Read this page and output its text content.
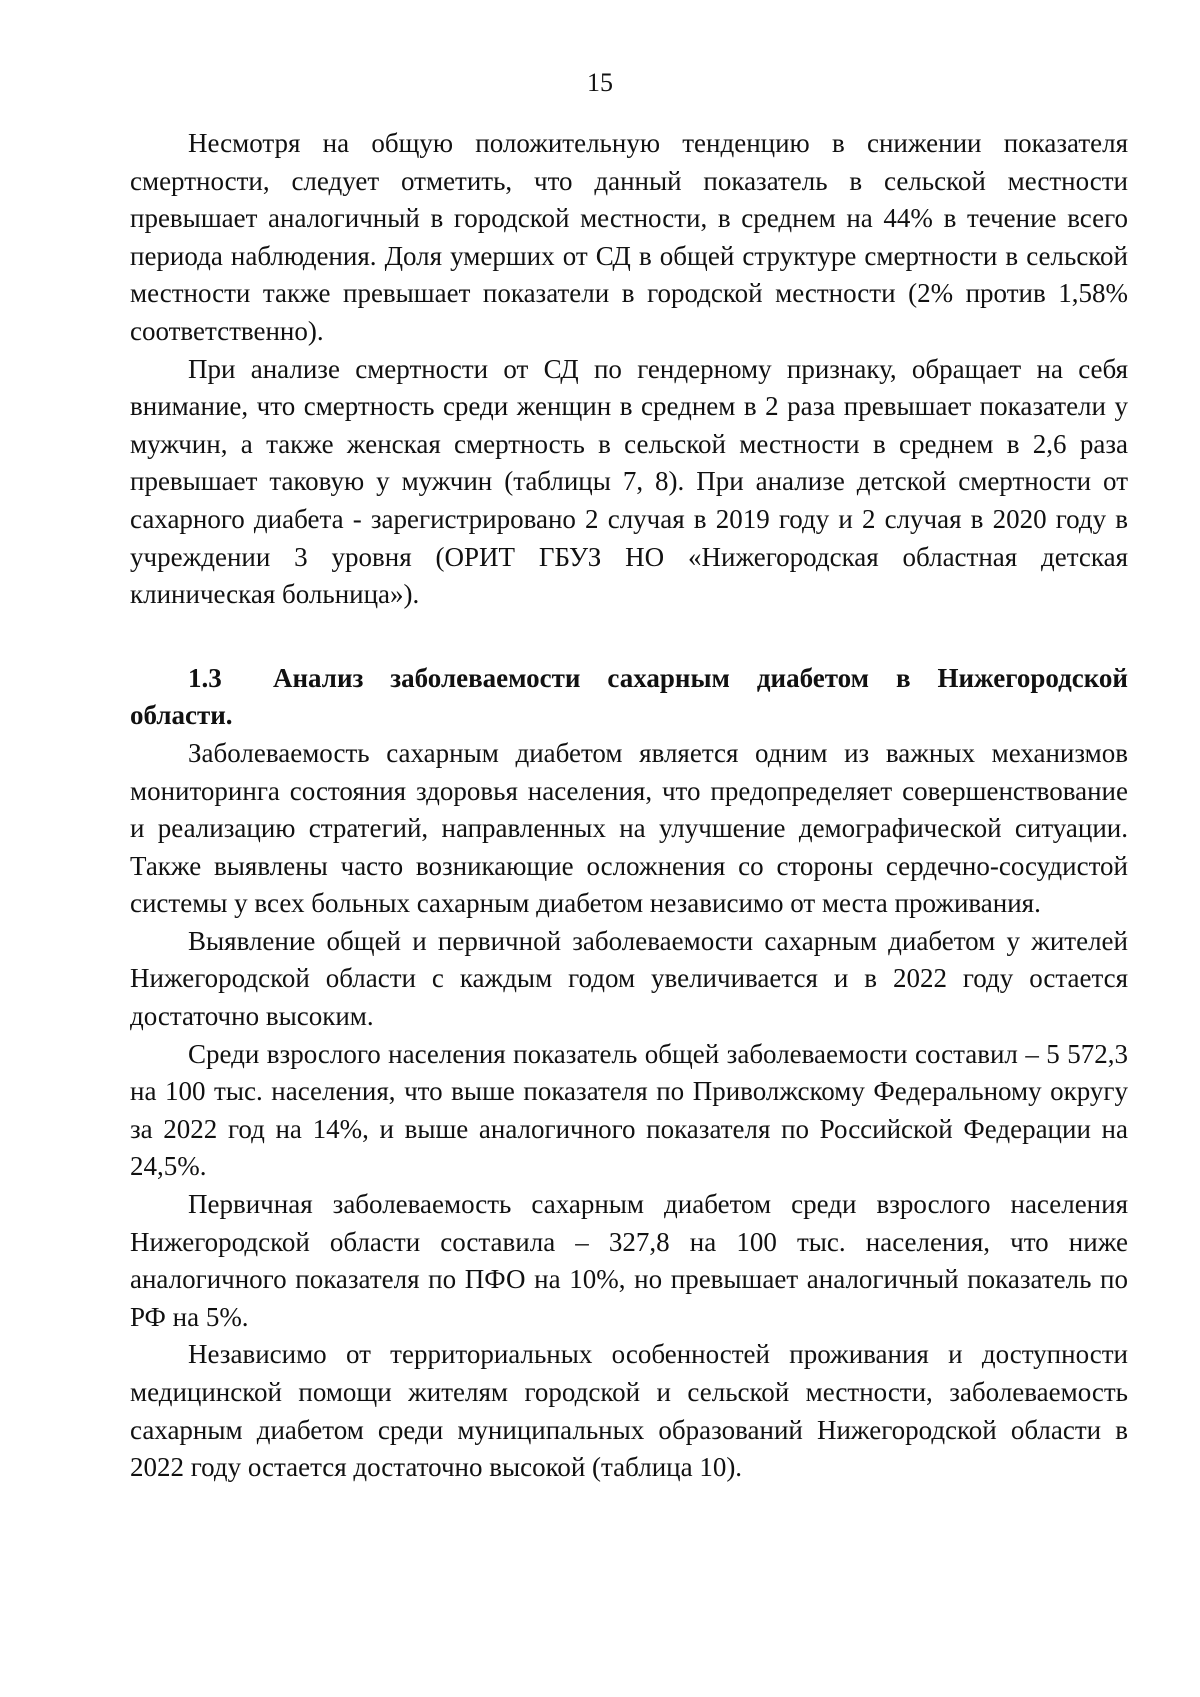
15

Несмотря на общую положительную тенденцию в снижении показателя смертности, следует отметить, что данный показатель в сельской местности превышает аналогичный в городской местности, в среднем на 44% в течение всего периода наблюдения. Доля умерших от СД в общей структуре смертности в сельской местности также превышает показатели в городской местности (2% против 1,58% соответственно).

При анализе смертности от СД по гендерному признаку, обращает на себя внимание, что смертность среди женщин в среднем в 2 раза превышает показатели у мужчин, а также женская смертность в сельской местности в среднем в 2,6 раза превышает таковую у мужчин (таблицы 7, 8). При анализе детской смертности от сахарного диабета - зарегистрировано 2 случая в 2019 году и 2 случая в 2020 году в учреждении 3 уровня (ОРИТ ГБУЗ НО «Нижегородская областная детская клиническая больница»).

1.3 Анализ заболеваемости сахарным диабетом в Нижегородской области.

Заболеваемость сахарным диабетом является одним из важных механизмов мониторинга состояния здоровья населения, что предопределяет совершенствование и реализацию стратегий, направленных на улучшение демографической ситуации. Также выявлены часто возникающие осложнения со стороны сердечно-сосудистой системы у всех больных сахарным диабетом независимо от места проживания.

Выявление общей и первичной заболеваемости сахарным диабетом у жителей Нижегородской области с каждым годом увеличивается и в 2022 году остается достаточно высоким.

Среди взрослого населения показатель общей заболеваемости составил – 5 572,3 на 100 тыс. населения, что выше показателя по Приволжскому Федеральному округу за 2022 год на 14%, и выше аналогичного показателя по Российской Федерации на 24,5%.

Первичная заболеваемость сахарным диабетом среди взрослого населения Нижегородской области составила – 327,8 на 100 тыс. населения, что ниже аналогичного показателя по ПФО на 10%, но превышает аналогичный показатель по РФ на 5%.

Независимо от территориальных особенностей проживания и доступности медицинской помощи жителям городской и сельской местности, заболеваемость сахарным диабетом среди муниципальных образований Нижегородской области в 2022 году остается достаточно высокой (таблица 10).
